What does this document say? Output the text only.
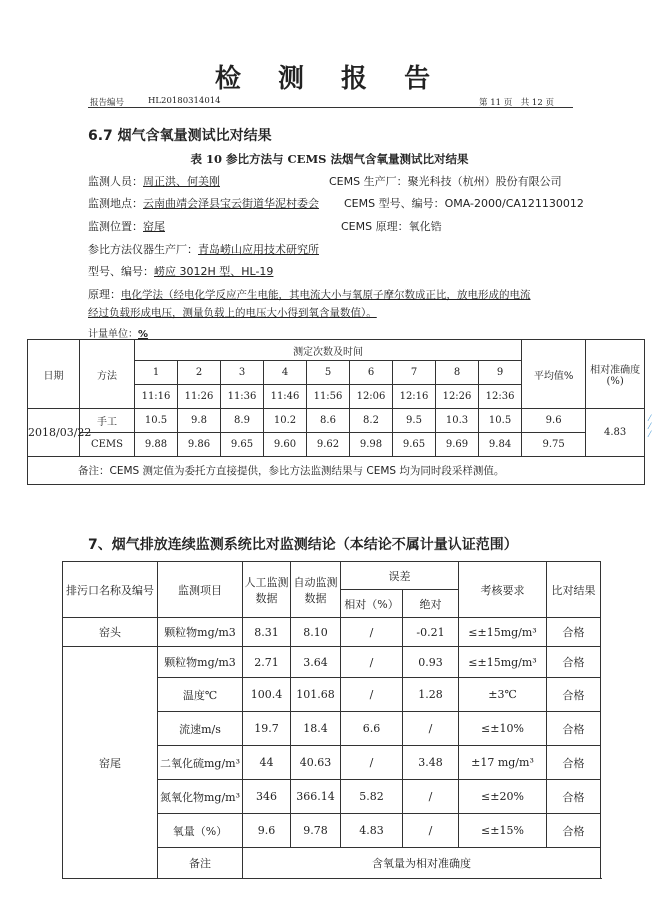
检 测 报 告
报告编号	HL20180314014	第 11 页　共 12 页
6.7 烟气含氧量测试比对结果
表 10 参比方法与 CEMS 法烟气含氧量测试比对结果
监测人员：周正洪、何美刚	CEMS 生产厂：聚光科技（杭州）股份有限公司
监测地点：云南曲靖会泽县宝云街道华泥村委会 CEMS 型号、编号：OMA-2000/CA121130012
监测位置：窑尾	CEMS 原理：氧化锆
参比方法仪器生产厂：青岛崂山应用技术研究所
型号、编号：崂应 3012H 型、HL-19
原理：电化学法（经电化学反应产生电能，其电流大小与氧原子摩尔数成正比，放电形成的电流
经过负载形成电压，测量负载上的电压大小得到氧含量数值）。
计量单位：%
日期	方法	测定次数及时间									平均值%	相对准确度(%)
		1	2	3	4	5	6	7	8	9		
		11:16	11:26	11:36	11:46	11:56	12:06	12:16	12:26	12:36		
2018/03/22	手工	10.5	9.8	8.9	10.2	8.6	8.2	9.5	10.3	10.5	9.6	4.83
	CEMS	9.88	9.86	9.65	9.60	9.62	9.98	9.65	9.69	9.84	9.75	
备注：CEMS 测定值为委托方直接提供，参比方法监测结果与 CEMS 均为同时段采样测值。												
7、烟气排放连续监测系统比对监测结论（本结论不属计量认证范围）
排污口名称及编号	监测项目	人工监测数据	自动监测数据	误差		考核要求	比对结果
				相对（%）	绝对		
窑头	颗粒物mg/m3	8.31	8.10	/	-0.21	≤±15mg/m³	合格
窑尾	颗粒物mg/m3	2.71	3.64	/	0.93	≤±15mg/m³	合格
	温度℃	100.4	101.68	/	1.28	±3℃	合格
	流速m/s	19.7	18.4	6.6	/	≤±10%	合格
	二氧化硫mg/m³	44	40.63	/	3.48	±17 mg/m³	合格
	氮氧化物mg/m³	346	366.14	5.82	/	≤±20%	合格
	氧量（%）	9.6	9.78	4.83	/	≤±15%	合格
	备注	含氧量为相对准确度					
⁄
⁄
⁄
